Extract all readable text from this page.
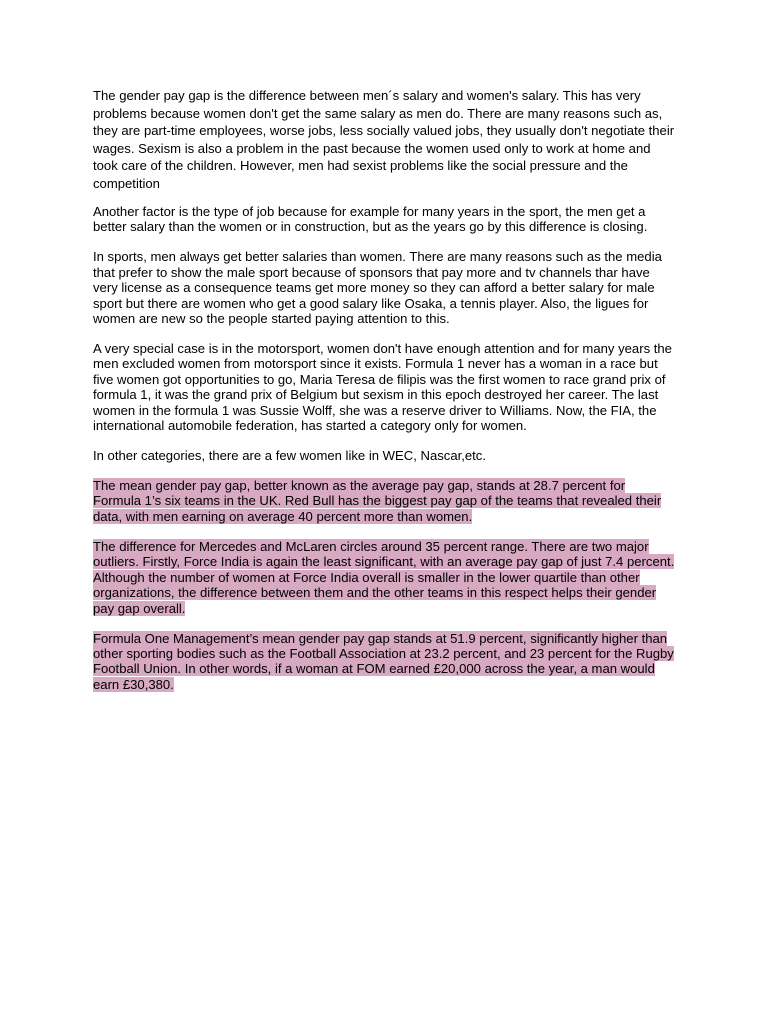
The gender pay gap is the difference between men´s salary and women's salary. This has very problems because women don't get the same salary as men do. There are many reasons such as, they are part-time employees, worse jobs, less socially valued jobs, they usually don't negotiate their wages. Sexism is also a problem in the past because the women used only to work at home and took care of the children. However, men had sexist problems like the social pressure and the competition

Another factor is the type of job because for example for many years in the sport, the men get a better salary than the women or in construction, but as the years go by this difference is closing.

In sports, men always get better salaries than women. There are many reasons such as the media that prefer to show the male sport because of sponsors that pay more and tv channels thar have very license as a consequence teams get more money so they can afford a better salary for male sport but there are women who get a good salary like Osaka, a tennis player. Also, the ligues for women are new so the people started paying attention to this.

A very special case is in the motorsport, women don't have enough attention and for many years the men excluded women from motorsport since it exists. Formula 1 never has a woman in a race but five women got opportunities to go, Maria Teresa de filipis was the first women to race grand prix of formula 1, it was the grand prix of Belgium but sexism in this epoch destroyed her career. The last women in the formula 1 was Sussie Wolff, she was a reserve driver to Williams. Now, the FIA, the international automobile federation, has started a category only for women.

In other categories, there are a few women like in WEC, Nascar,etc.

The mean gender pay gap, better known as the average pay gap, stands at 28.7 percent for Formula 1’s six teams in the UK. Red Bull has the biggest pay gap of the teams that revealed their data, with men earning on average 40 percent more than women.

The difference for Mercedes and McLaren circles around 35 percent range. There are two major outliers. Firstly, Force India is again the least significant, with an average pay gap of just 7.4 percent. Although the number of women at Force India overall is smaller in the lower quartile than other organizations, the difference between them and the other teams in this respect helps their gender pay gap overall.

Formula One Management’s mean gender pay gap stands at 51.9 percent, significantly higher than other sporting bodies such as the Football Association at 23.2 percent, and 23 percent for the Rugby Football Union. In other words, if a woman at FOM earned £20,000 across the year, a man would earn £30,380.
